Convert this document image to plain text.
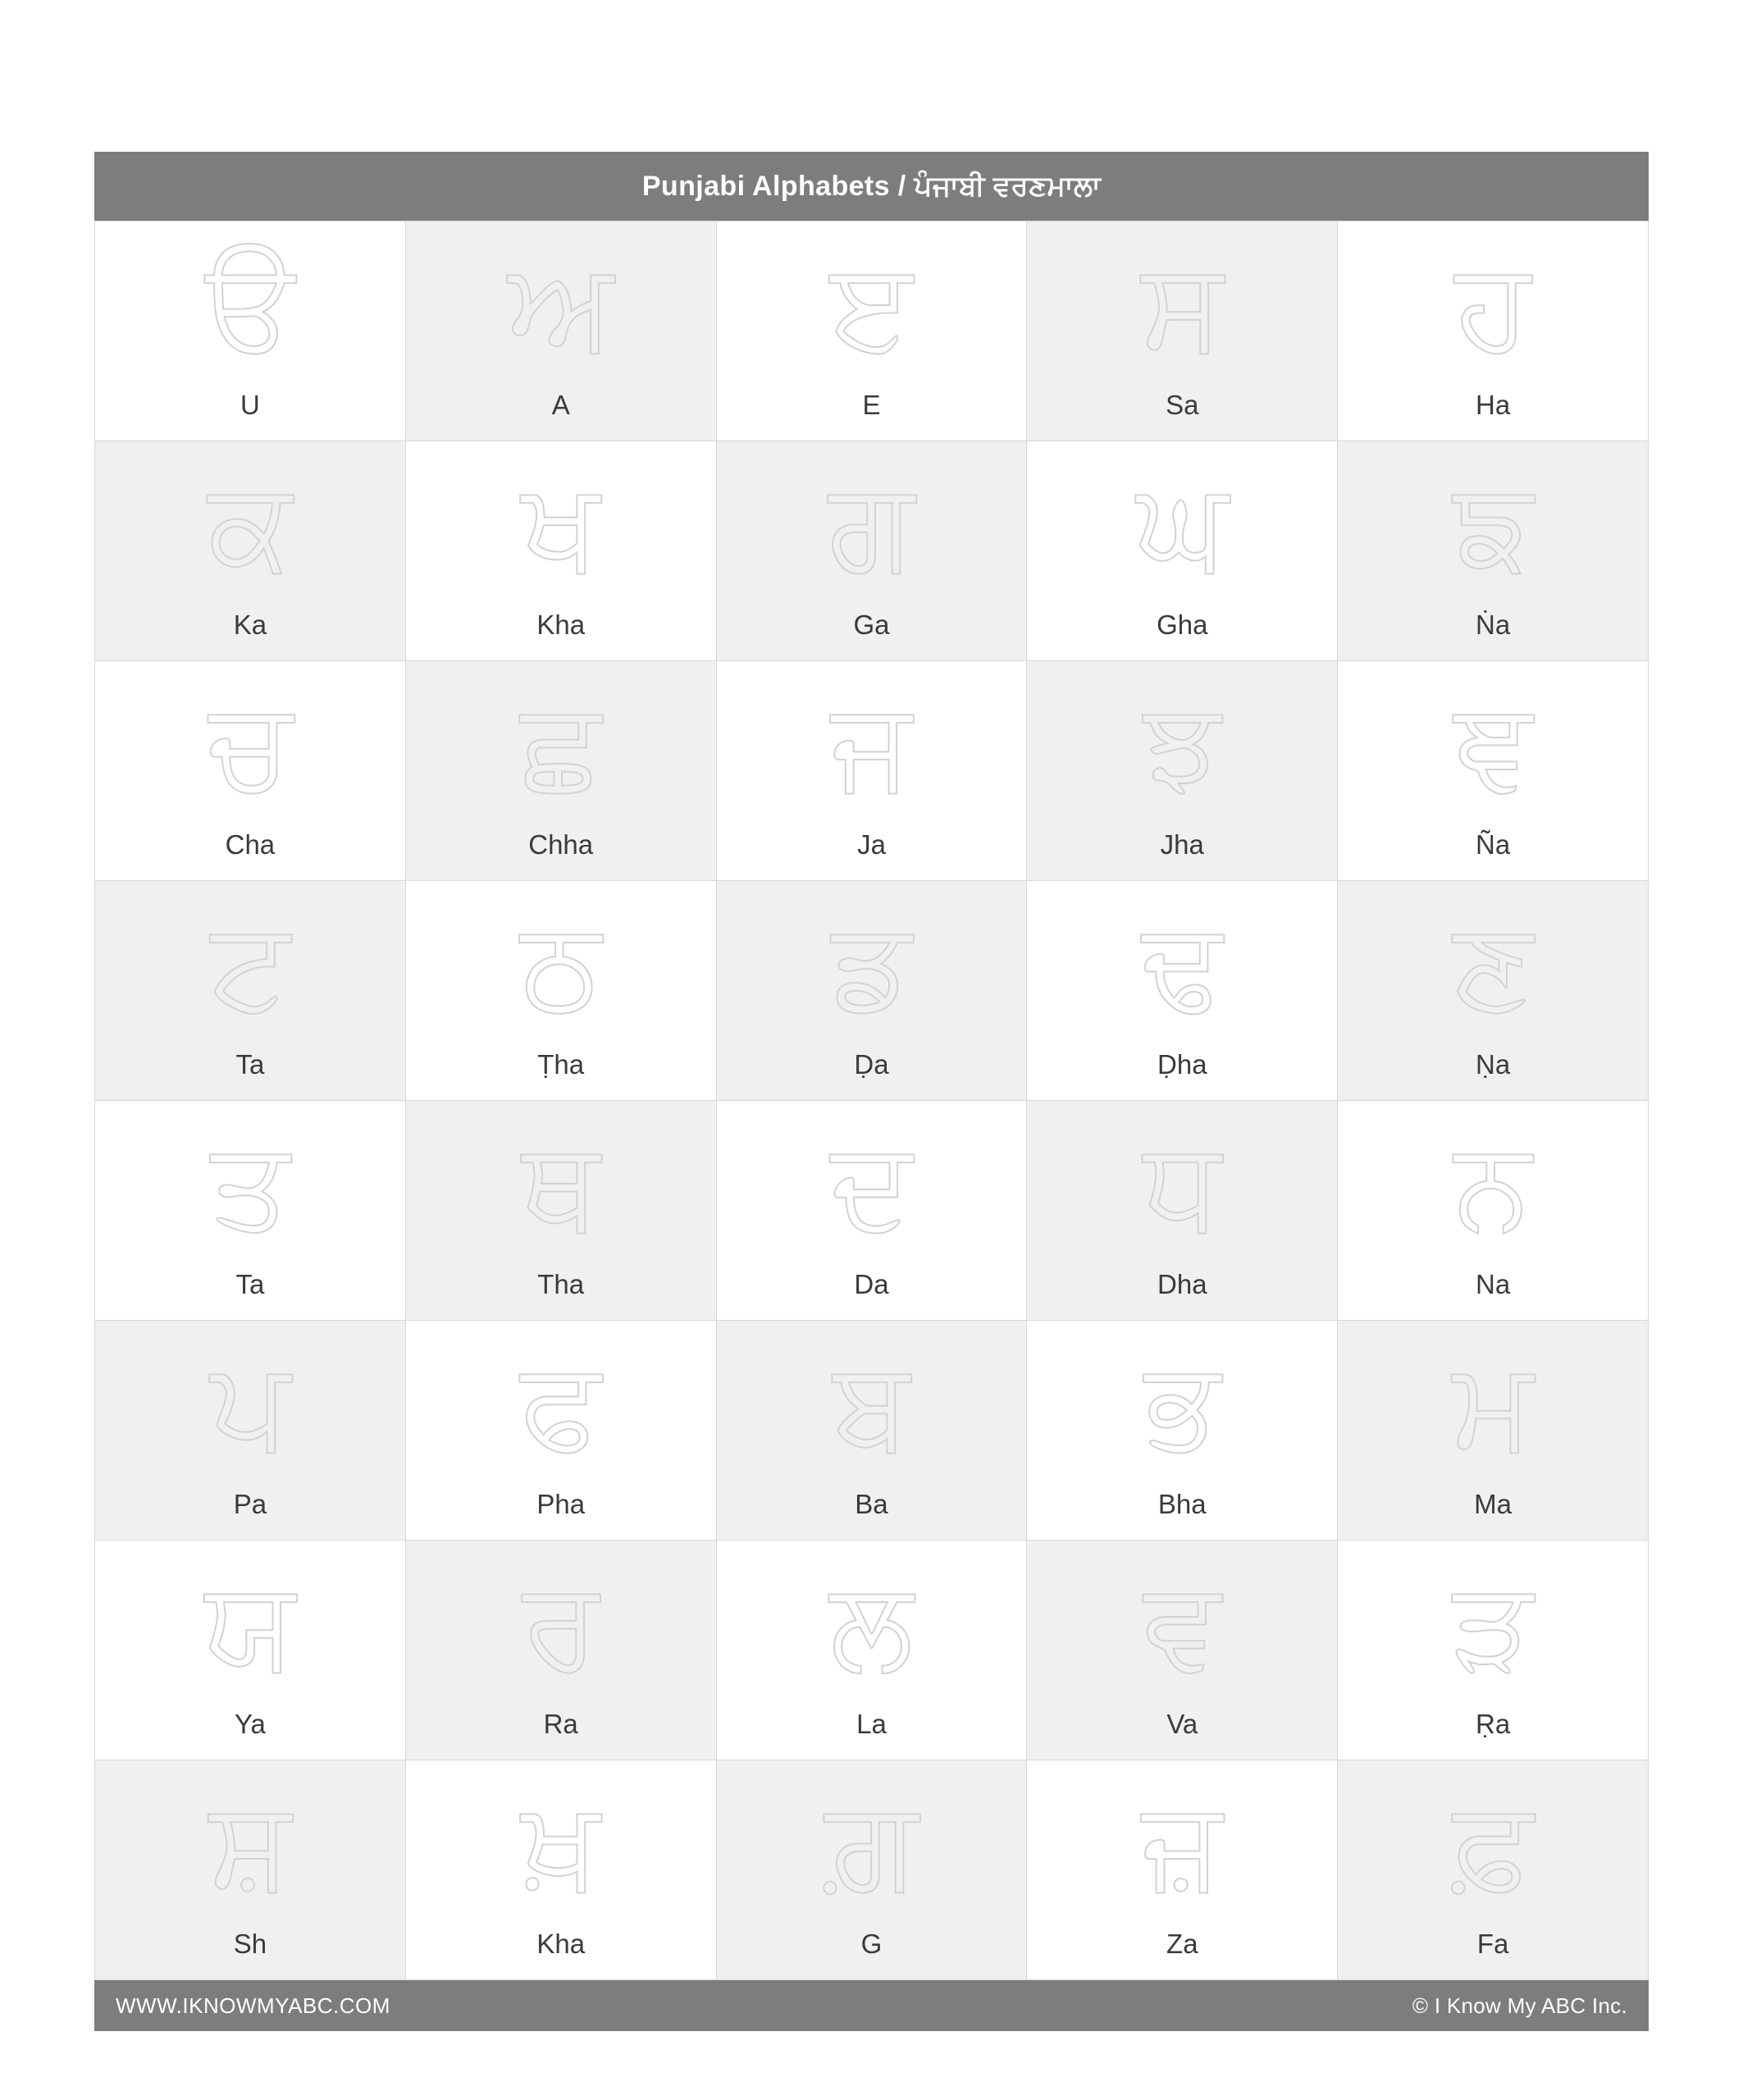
Punjabi Alphabets / ਪੰਜਾਬੀ ਵਰਣਮਾਲਾ
ੳ
U
ਅ
A
ੲ
E
ਸ
Sa
ਹ
Ha
ਕ
Ka
ਖ
Kha
ਗ
Ga
ਘ
Gha
ਙ
Ṅa
ਚ
Cha
ਛ
Chha
ਜ
Ja
ਝ
Jha
ਞ
Ña
ਟ
Ta
ਠ
Ṭha
ਡ
Ḍa
ਢ
Ḍha
ਣ
Ṇa
ਤ
Ta
ਥ
Tha
ਦ
Da
ਧ
Dha
ਨ
Na
ਪ
Pa
ਫ
Pha
ਬ
Ba
ਭ
Bha
ਮ
Ma
ਯ
Ya
ਰ
Ra
ਲ
La
ਵ
Va
ੜ
Ṛa
ਸ਼
Sh
ਖ਼
Kha
ਗ਼
G
ਜ਼
Za
ਫ਼
Fa
WWW.IKNOWMYABC.COM	© I Know My ABC Inc.
